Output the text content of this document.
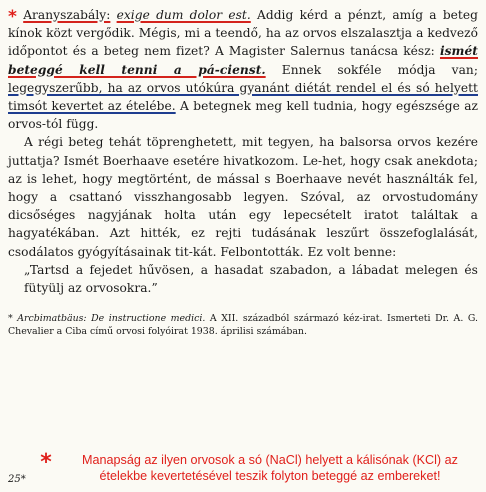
* Aranyszabály: exige dum dolor est. Addig kérd a pénzt, amíg a beteg kínok közt vergődik. Mégis, mi a teendő, ha az orvos elszalasztja a kedvező időpontot és a beteg nem fizet? A Magister Salernus tanácsa kész: ismét beteggé kell tenni a pá-cienst. Ennek sokféle módja van; legegyszerűbb, ha az orvos utókúra gyanánt diétát rendel el és só helyett timsót kevertet az ételébe. A betegnek meg kell tudnia, hogy egészsége az orvos-tól függ.

A régi beteg tehát töprenghetett, mit tegyen, ha balsorsa orvos kezére juttatja? Ismét Boerhaave esetére hivatkozom. Le-het, hogy csak anekdota; az is lehet, hogy megtörtént, de mással s Boerhaave nevét használták fel, hogy a csattanó visszhangosabb legyen. Szóval, az orvostudomány dicsőséges nagyjának holta után egy lepecsételt iratot találtak a hagyatékában. Azt hitték, ez rejti tudásának leszűrt összefoglalását, csodálatos gyógyításainak tit-kát. Felbontották. Ez volt benne:

„Tartsd a fejedet hűvösen, a hasadat szabadon, a lábadat melegen és fütyülj az orvosokra.”

* Arcbimatbäus: De instructione medici. A XII. századból származó kéz-irat. Ismerteti Dr. A. G. Chevalier a Ciba című orvosi folyóirat 1938. áprilisi számában.

*	Manapság az ilyen orvosok a só (NaCl) helyett a kálisónak (KCl) az ételekbe kevertetésével teszik folyton beteggé az embereket!
25*
